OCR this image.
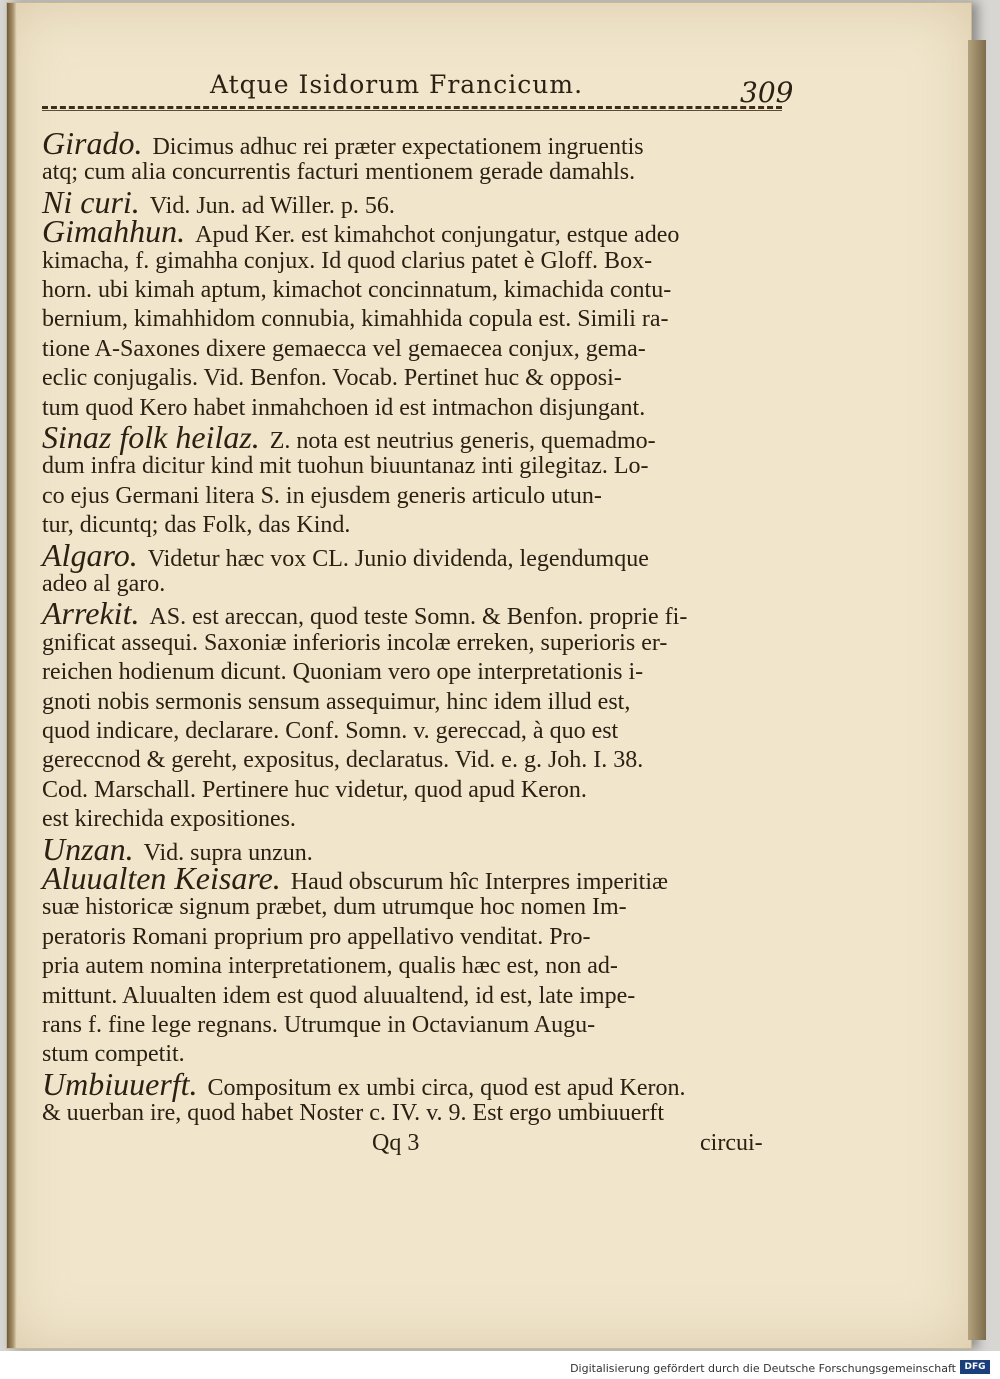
Atque Isidorum Francicum.	309
Girado. Dicimus adhuc rei præter expectationem ingruentis
atq; cum alia concurrentis facturi mentionem gerade damahls.
Ni curi. Vid. Jun. ad Willer. p. 56.
Gimahhun. Apud Ker. est kimahchot conjungatur, estque adeo
kimacha, f. gimahha conjux. Id quod clarius patet è Gloff. Box-
horn. ubi kimah aptum, kimachot concinnatum, kimachida contu-
bernium, kimahhidom connubia, kimahhida copula est. Simili ra-
tione A-Saxones dixere gemaecca vel gemaecea conjux, gema-
eclic conjugalis. Vid. Benfon. Vocab. Pertinet huc & opposi-
tum quod Kero habet inmahchoen id est intmachon disjungant.
Sinaz folk heilaz. Z. nota est neutrius generis, quemadmo-
dum infra dicitur kind mit tuohun biuuntanaz inti gilegitaz. Lo-
co ejus Germani litera S. in ejusdem generis articulo utun-
tur, dicuntq; das Folk, das Kind.
Algaro. Videtur hæc vox CL. Junio dividenda, legendumque
adeo al garo.
Arrekit. AS. est areccan, quod teste Somn. & Benfon. proprie fi-
gnificat assequi. Saxoniæ inferioris incolæ erreken, superioris er-
reichen hodienum dicunt. Quoniam vero ope interpretationis i-
gnoti nobis sermonis sensum assequimur, hinc idem illud est,
quod indicare, declarare. Conf. Somn. v. gereccad, à quo est
gereccnod & gereht, expositus, declaratus. Vid. e. g. Joh. I. 38.
Cod. Marschall. Pertinere huc videtur, quod apud Keron.
est kirechida expositiones.
Unzan. Vid. supra unzun.
Aluualten Keisare. Haud obscurum hîc Interpres imperitiæ
suæ historicæ signum præbet, dum utrumque hoc nomen Im-
peratoris Romani proprium pro appellativo venditat. Pro-
pria autem nomina interpretationem, qualis hæc est, non ad-
mittunt. Aluualten idem est quod aluualtend, id est, late impe-
rans f. fine lege regnans. Utrumque in Octavianum Augu-
stum competit.
Umbiuuerft. Compositum ex umbi circa, quod est apud Keron.
& uuerban ire, quod habet Noster c. IV. v. 9. Est ergo umbiuuerft
Qq 3	circui-
Digitalisierung gefördert durch die Deutsche Forschungsgemeinschaft DFG
